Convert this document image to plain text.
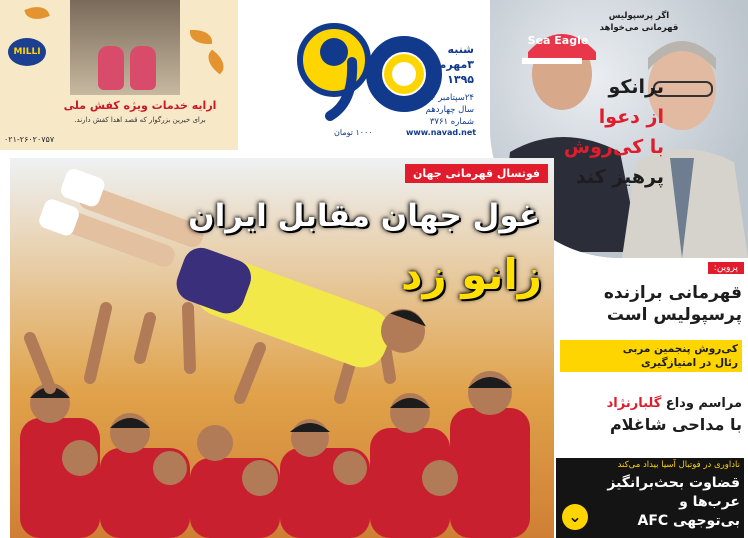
MILLI
ارایه خدمات ویژه کفش ملی
برای خیرین بزرگوار که قصد اهدا کفش دارند.
۰۲۱-۲۶۰۲۰۷۵۷
شنبه
۳مهرماه
۱۳۹۵
۲۴سپتامبر ۲۰۱۶
سال چهاردهم
شماره ۳۷۶۱
www.navad.net
۱۰۰۰ تومان
Sea Eagle
اگر پرسپولیس قهرمانی می‌خواهد
برانکو
از دعوا
با کی‌روش
پرهیز کند
فوتسال قهرمانی جهان
غول جهان مقابل ایران
زانو زد	پروین:
قهرمانی برازنده
پرسپولیس است
کی‌روش پنجمین مربی
رئال در امتیازگیری
مراسم وداع گلبارنژاد
با مداحی شاغلام
ناداوری در فوتبال آسیا بیداد می‌کند
قضاوت بحث‌برانگیز
عرب‌ها و
بی‌توجهی AFC
⌄
